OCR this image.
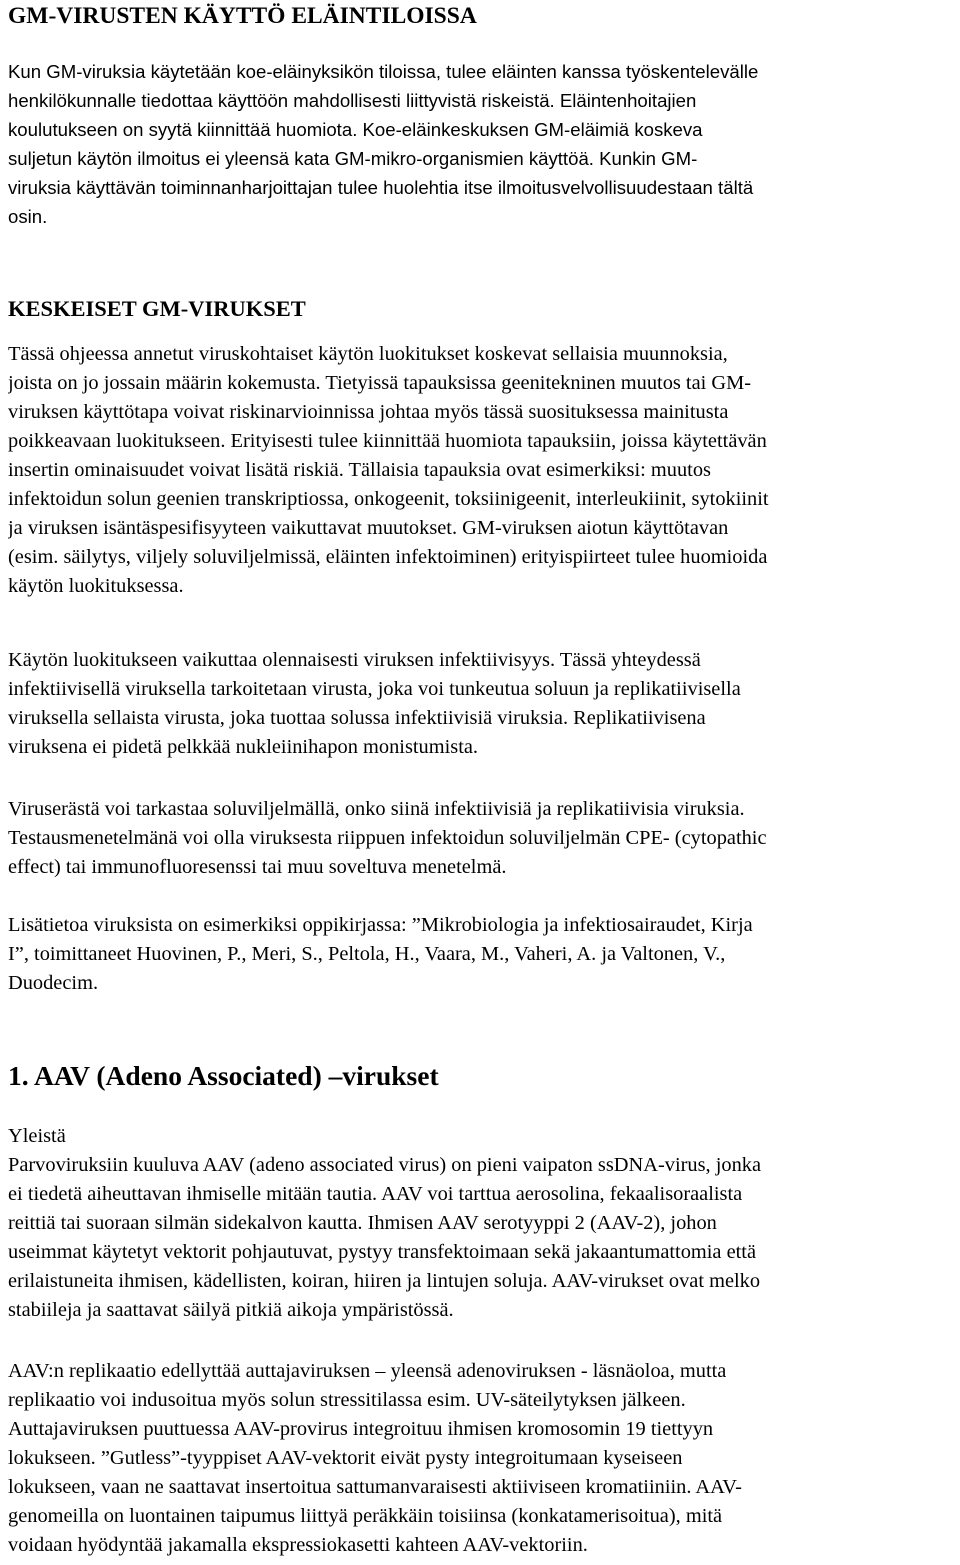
GM-VIRUSTEN KÄYTTÖ ELÄINTILOISSA
Kun GM-viruksia käytetään koe-eläinyksikön tiloissa, tulee eläinten kanssa työskentelevälle
henkilökunnalle tiedottaa käyttöön mahdollisesti liittyvistä riskeistä. Eläintenhoitajien
koulutukseen on syytä kiinnittää huomiota. Koe-eläinkeskuksen GM-eläimiä koskeva
suljetun käytön ilmoitus ei yleensä kata GM-mikro-organismien käyttöä. Kunkin GM-
viruksia käyttävän toiminnanharjoittajan tulee huolehtia itse ilmoitusvelvollisuudestaan tältä
osin.
KESKEISET GM-VIRUKSET
Tässä ohjeessa annetut viruskohtaiset käytön luokitukset koskevat sellaisia muunnoksia,
joista on jo jossain määrin kokemusta. Tietyissä tapauksissa geenitekninen muutos tai GM-
viruksen käyttötapa voivat riskinarvioinnissa johtaa myös tässä suosituksessa mainitusta
poikkeavaan luokitukseen. Erityisesti tulee kiinnittää huomiota tapauksiin, joissa käytettävän
insertin ominaisuudet voivat lisätä riskiä. Tällaisia tapauksia ovat esimerkiksi: muutos
infektoidun solun geenien transkriptiossa, onkogeenit, toksiinigeenit, interleukiinit, sytokiinit
ja viruksen isäntäspesifisyyteen vaikuttavat muutokset. GM-viruksen aiotun käyttötavan
(esim. säilytys, viljely soluviljelmissä, eläinten infektoiminen) erityispiirteet tulee huomioida
käytön luokituksessa.
Käytön luokitukseen vaikuttaa olennaisesti viruksen infektiivisyys. Tässä yhteydessä
infektiivisellä viruksella tarkoitetaan virusta, joka voi tunkeutua soluun ja replikatiivisella
viruksella sellaista virusta, joka tuottaa solussa infektiivisiä viruksia. Replikatiivisena
viruksena ei pidetä pelkkää nukleiinihapon monistumista.
Viruserästä voi tarkastaa soluviljelmällä, onko siinä infektiivisiä ja replikatiivisia viruksia.
Testausmenetelmänä voi olla viruksesta riippuen infektoidun soluviljelmän CPE- (cytopathic
effect) tai immunofluoresenssi tai muu soveltuva menetelmä.
Lisätietoa viruksista on esimerkiksi oppikirjassa: ”Mikrobiologia ja infektiosairaudet, Kirja
I”, toimittaneet Huovinen, P., Meri, S., Peltola, H., Vaara, M., Vaheri, A. ja Valtonen, V.,
Duodecim.
1. AAV (Adeno Associated) –virukset
Yleistä
Parvoviruksiin kuuluva AAV (adeno associated virus) on pieni vaipaton ssDNA-virus, jonka
ei tiedetä aiheuttavan ihmiselle mitään tautia. AAV voi tarttua aerosolina, fekaalisoraalista
reittiä tai suoraan silmän sidekalvon kautta. Ihmisen AAV serotyyppi 2 (AAV-2), johon
useimmat käytetyt vektorit pohjautuvat, pystyy transfektoimaan sekä jakaantumattomia että
erilaistuneita ihmisen, kädellisten, koiran, hiiren ja lintujen soluja. AAV-virukset ovat melko
stabiileja ja saattavat säilyä pitkiä aikoja ympäristössä.
AAV:n replikaatio edellyttää auttajaviruksen – yleensä adenoviruksen - läsnäoloa, mutta
replikaatio voi indusoitua myös solun stressitilassa esim. UV-säteilytyksen jälkeen.
Auttajaviruksen puuttuessa AAV-provirus integroituu ihmisen kromosomin 19 tiettyyn
lokukseen. ”Gutless”-tyyppiset AAV-vektorit eivät pysty integroitumaan kyseiseen
lokukseen, vaan ne saattavat insertoitua sattumanvaraisesti aktiiviseen kromatiiniin. AAV-
genomeilla on luontainen taipumus liittyä peräkkäin toisiinsa (konkatamerisoitua), mitä
voidaan hyödyntää jakamalla ekspressiokasetti kahteen AAV-vektoriin.
